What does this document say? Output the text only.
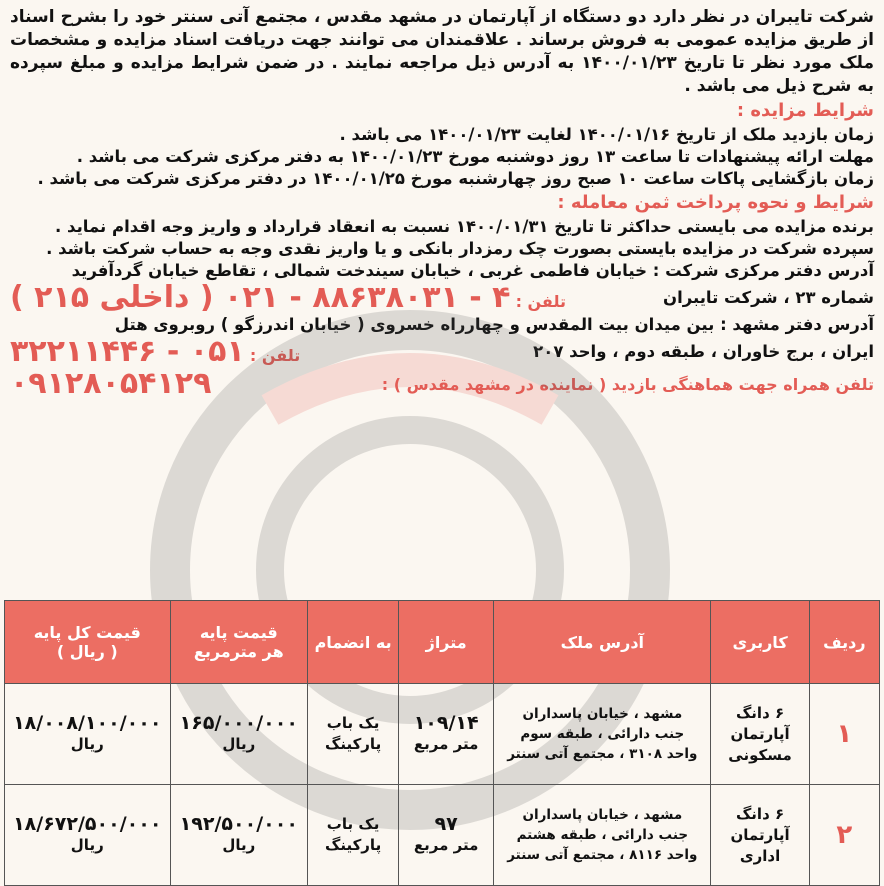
شرکت تایبران در نظر دارد دو دستگاه از آپارتمان در مشهد مقدس ، مجتمع آتی سنتر خود را بشرح اسناد از طریق مزایده عمومی به فروش برساند . علاقمندان می توانند جهت دریافت اسناد مزایده و مشخصات ملک مورد نظر تا تاریخ ۱۴۰۰/۰۱/۲۳ به آدرس ذیل مراجعه نمایند . در ضمن شرایط مزایده و مبلغ سپرده به شرح ذیل می باشد .

شرایط مزایده :
زمان بازدید ملک از تاریخ ۱۴۰۰/۰۱/۱۶ لغایت ۱۴۰۰/۰۱/۲۳ می باشد .
مهلت ارائه پیشنهادات تا ساعت ۱۳ روز دوشنبه مورخ ۱۴۰۰/۰۱/۲۳ به دفتر مرکزی شرکت می باشد .
زمان بازگشایی پاکات ساعت ۱۰ صبح روز چهارشنبه مورخ ۱۴۰۰/۰۱/۲۵ در دفتر مرکزی شرکت می باشد .
شرایط و نحوه پرداخت ثمن معامله :
برنده مزایده می بایستی حداکثر تا تاریخ ۱۴۰۰/۰۱/۳۱ نسبت به انعقاد قرارداد و واریز وجه اقدام نماید .
سپرده شرکت در مزایده بایستی بصورت چک رمزدار بانکی و یا واریز نقدی وجه به حساب شرکت باشد .
آدرس دفتر مرکزی شرکت : خیابان فاطمی غربی ، خیابان سیندخت شمالی ، تقاطع خیابان گردآفرید
شماره ۲۳ ، شرکت تایبران
تلفن : ۴ - ۸۸۶۳۸۰۳۱ - ۰۲۱ ( داخلی ۲۱۵ )
آدرس دفتر مشهد : بین میدان بیت المقدس و چهارراه خسروی ( خیابان اندرزگو ) روبروی هتل
ایران ، برج خاوران ، طبقه دوم ، واحد ۲۰۷
تلفن : ۰۵۱ - ۳۲۲۱۱۴۴۶
تلفن همراه جهت هماهنگی بازدید ( نماینده در مشهد مقدس ) :
۰۹۱۲۸۰۵۴۱۲۹
ردیف	کاربری	آدرس ملک	متراژ	به انضمام	قیمت پایه
هر مترمربع	قیمت کل پایه
( ریال )

۱	۶ دانگ
آپارتمان
مسکونی	مشهد ، خیابان پاسداران
جنب دارائی ، طبقه سوم
واحد ۳۱۰۸ ، مجتمع آتی سنتر	۱۰۹/۱۴
متر مربع	یک باب
پارکینگ	۱۶۵/۰۰۰/۰۰۰
ریال	۱۸/۰۰۸/۱۰۰/۰۰۰
ریال

۲	۶ دانگ
آپارتمان
اداری	مشهد ، خیابان پاسداران
جنب دارائی ، طبقه هشتم
واحد ۸۱۱۶ ، مجتمع آتی سنتر	۹۷
متر مربع	یک باب
پارکینگ	۱۹۲/۵۰۰/۰۰۰
ریال	۱۸/۶۷۲/۵۰۰/۰۰۰
ریال
